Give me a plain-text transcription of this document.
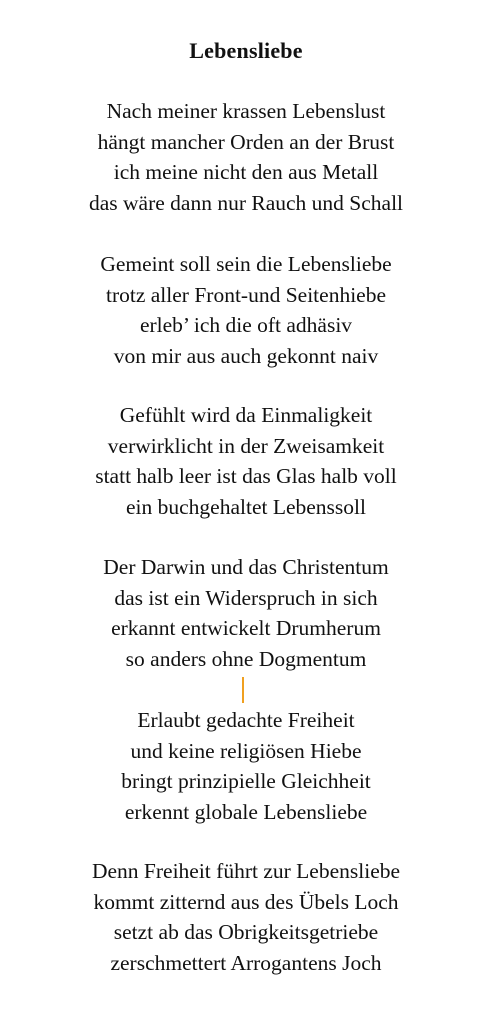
Lebensliebe
Nach meiner krassen Lebenslust
hängt mancher Orden an der Brust
ich meine nicht den aus Metall
das wäre dann nur Rauch und Schall
Gemeint soll sein die Lebensliebe
trotz aller Front-und Seitenhiebe
erleb’ ich die oft adhäsiv
von mir aus auch gekonnt naiv
Gefühlt wird da Einmaligkeit
verwirklicht in der Zweisamkeit
statt halb leer ist das Glas halb voll
ein buchgehaltet Lebenssoll
Der Darwin und das Christentum
das ist ein Widerspruch in sich
erkannt entwickelt Drumherum
so anders ohne Dogmentum
Erlaubt gedachte Freiheit
und keine religiösen Hiebe
bringt prinzipielle Gleichheit
erkennt globale Lebensliebe
Denn Freiheit führt zur Lebensliebe
kommt zitternd aus des Übels Loch
setzt ab das Obrigkeitsgetriebe
zerschmettert Arrogantens Joch
